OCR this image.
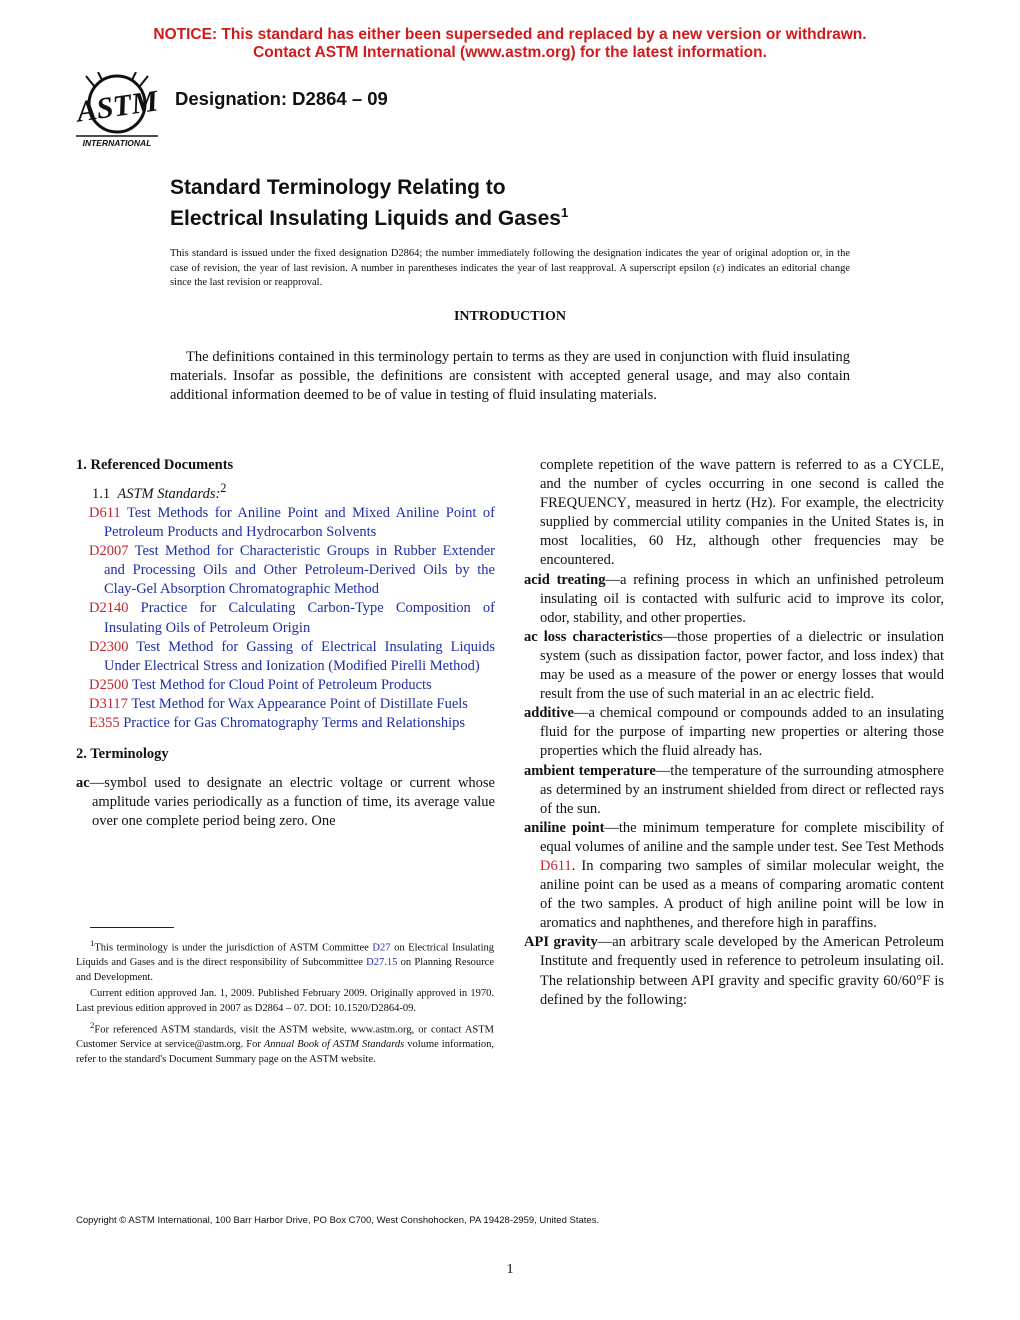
NOTICE: This standard has either been superseded and replaced by a new version or withdrawn.
Contact ASTM International (www.astm.org) for the latest information.
ASTM
INTERNATIONAL
Designation: D2864 – 09
Standard Terminology Relating to
Electrical Insulating Liquids and Gases$^1$
This standard is issued under the fixed designation D2864; the number immediately following the designation indicates the year of original adoption or, in the case of revision, the year of last revision. A number in parentheses indicates the year of last reapproval. A superscript epsilon (ε) indicates an editorial change since the last revision or reapproval.
INTRODUCTION
The definitions contained in this terminology pertain to terms as they are used in conjunction with fluid insulating materials. Insofar as possible, the definitions are consistent with accepted general usage, and may also contain additional information deemed to be of value in testing of fluid insulating materials.

1. Referenced Documents

1.1 ASTM Standards:$^2$

D611 Test Methods for Aniline Point and Mixed Aniline Point of Petroleum Products and Hydrocarbon Solvents

D2007 Test Method for Characteristic Groups in Rubber Extender and Processing Oils and Other Petroleum-Derived Oils by the Clay-Gel Absorption Chromatographic Method

D2140 Practice for Calculating Carbon-Type Composition of Insulating Oils of Petroleum Origin

D2300 Test Method for Gassing of Electrical Insulating Liquids Under Electrical Stress and Ionization (Modified Pirelli Method)

D2500 Test Method for Cloud Point of Petroleum Products

D3117 Test Method for Wax Appearance Point of Distillate Fuels

E355 Practice for Gas Chromatography Terms and Relationships

2. Terminology

ac—symbol used to designate an electric voltage or current whose amplitude varies periodically as a function of time, its average value over one complete period being zero. One

complete repetition of the wave pattern is referred to as a CYCLE, and the number of cycles occurring in one second is called the FREQUENCY, measured in hertz (Hz). For example, the electricity supplied by commercial utility companies in the United States is, in most localities, 60 Hz, although other frequencies may be encountered.

acid treating—a refining process in which an unfinished petroleum insulating oil is contacted with sulfuric acid to improve its color, odor, stability, and other properties.

ac loss characteristics—those properties of a dielectric or insulation system (such as dissipation factor, power factor, and loss index) that may be used as a measure of the power or energy losses that would result from the use of such material in an ac electric field.

additive—a chemical compound or compounds added to an insulating fluid for the purpose of imparting new properties or altering those properties which the fluid already has.

ambient temperature—the temperature of the surrounding atmosphere as determined by an instrument shielded from direct or reflected rays of the sun.

aniline point—the minimum temperature for complete miscibility of equal volumes of aniline and the sample under test. See Test Methods D611. In comparing two samples of similar molecular weight, the aniline point can be used as a means of comparing aromatic content of the two samples. A product of high aniline point will be low in aromatics and naphthenes, and therefore high in paraffins.

API gravity—an arbitrary scale developed by the American Petroleum Institute and frequently used in reference to petroleum insulating oil. The relationship between API gravity and specific gravity 60/60°F is defined by the following:

$^1$This terminology is under the jurisdiction of ASTM Committee D27 on Electrical Insulating Liquids and Gases and is the direct responsibility of Subcommittee D27.15 on Planning Resource and Development.

Current edition approved Jan. 1, 2009. Published February 2009. Originally approved in 1970. Last previous edition approved in 2007 as D2864 – 07. DOI: 10.1520/D2864-09.

$^2$For referenced ASTM standards, visit the ASTM website, www.astm.org, or contact ASTM Customer Service at service@astm.org. For Annual Book of ASTM Standards volume information, refer to the standard's Document Summary page on the ASTM website.

Copyright © ASTM International, 100 Barr Harbor Drive, PO Box C700, West Conshohocken, PA 19428-2959, United States.
1
